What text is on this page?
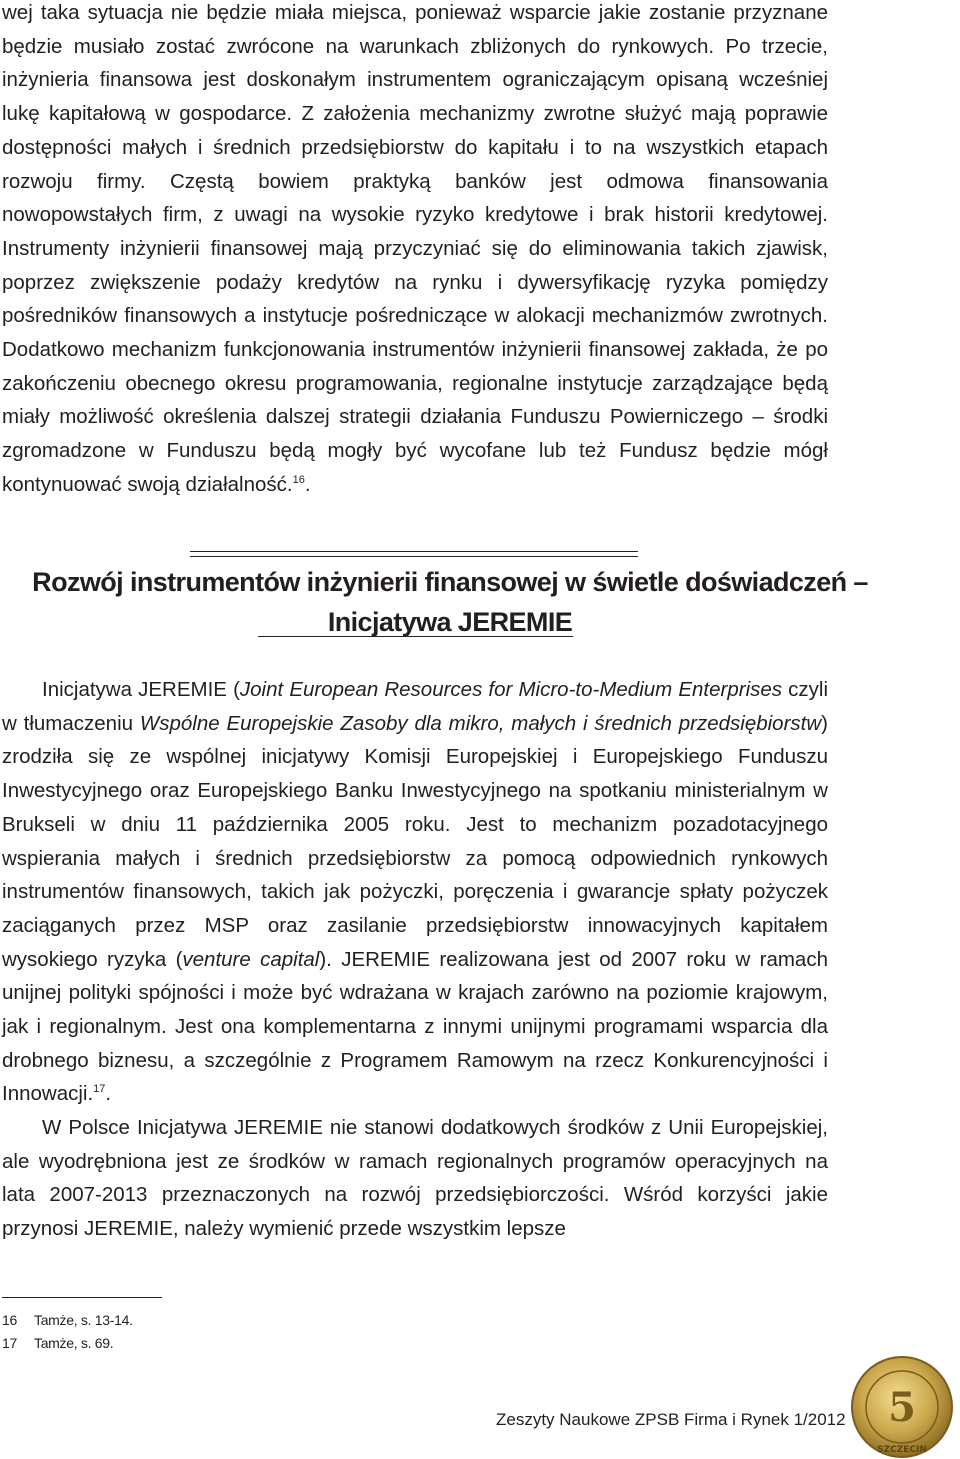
wej taka sytuacja nie będzie miała miejsca, ponieważ wsparcie jakie zostanie przyznane będzie musiało zostać zwrócone na warunkach zbliżonych do rynkowych. Po trzecie, inżynieria finansowa jest doskonałym instrumentem ograniczającym opisaną wcześniej lukę kapitałową w gospodarce. Z założenia mechanizmy zwrotne służyć mają poprawie dostępności małych i średnich przedsiębiorstw do kapitału i to na wszystkich etapach rozwoju firmy. Częstą bowiem praktyką banków jest odmowa finansowania nowopowstałych firm, z uwagi na wysokie ryzyko kredytowe i brak historii kredytowej. Instrumenty inżynierii finansowej mają przyczyniać się do eliminowania takich zjawisk, poprzez zwiększenie podaży kredytów na rynku i dywersyfikację ryzyka pomiędzy pośredników finansowych a instytucje pośredniczące w alokacji mechanizmów zwrotnych. Dodatkowo mechanizm funkcjonowania instrumentów inżynierii finansowej zakłada, że po zakończeniu obecnego okresu programowania, regionalne instytucje zarządzające będą miały możliwość określenia dalszej strategii działania Funduszu Powierniczego – środki zgromadzone w Funduszu będą mogły być wycofane lub też Fundusz będzie mógł kontynuować swoją działalność.$^{16}$.
Rozwój instrumentów inżynierii finansowej w świetle doświadczeń –
Inicjatywa JEREMIE
Inicjatywa JEREMIE (Joint European Resources for Micro-to-Medium Enterprises czyli w tłumaczeniu Wspólne Europejskie Zasoby dla mikro, małych i średnich przedsiębiorstw) zrodziła się ze wspólnej inicjatywy Komisji Europejskiej i Europejskiego Funduszu Inwestycyjnego oraz Europejskiego Banku Inwestycyjnego na spotkaniu ministerialnym w Brukseli w dniu 11 października 2005 roku. Jest to mechanizm pozadotacyjnego wspierania małych i średnich przedsiębiorstw za pomocą odpowiednich rynkowych instrumentów finansowych, takich jak pożyczki, poręczenia i gwarancje spłaty pożyczek zaciąganych przez MSP oraz zasilanie przedsiębiorstw innowacyjnych kapitałem wysokiego ryzyka (venture capital). JEREMIE realizowana jest od 2007 roku w ramach unijnej polityki spójności i może być wdrażana w krajach zarówno na poziomie krajowym, jak i regionalnym. Jest ona komplementarna z innymi unijnymi programami wsparcia dla drobnego biznesu, a szczególnie z Programem Ramowym na rzecz Konkurencyjności i Innowacji.$^{17}$.
W Polsce Inicjatywa JEREMIE nie stanowi dodatkowych środków z Unii Europejskiej, ale wyodrębniona jest ze środków w ramach regionalnych programów operacyjnych na lata 2007-2013 przeznaczonych na rozwój przedsiębiorczości. Wśród korzyści jakie przynosi JEREMIE, należy wymienić przede wszystkim lepsze
16 Tamże, s. 13-14.
17 Tamże, s. 69.
Zeszyty Naukowe ZPSB Firma i Rynek 1/2012	5
SZCZECIN
